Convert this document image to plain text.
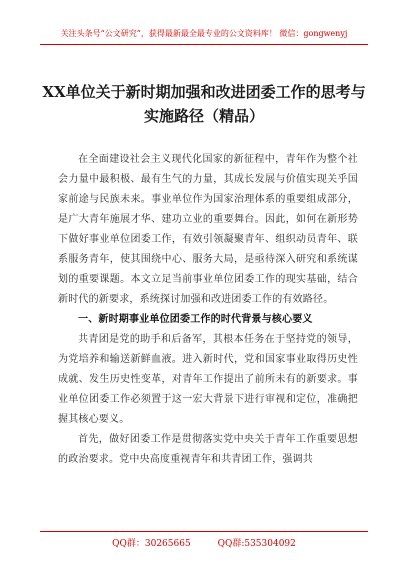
关注头条号“公文研究”，获得最新最全最专业的公文资料库！ 微信：gongwenyj
XX单位关于新时期加强和改进团委工作的思考与实施路径（精品）

在全面建设社会主义现代化国家的新征程中，青年作为整个社会力量中最积极、最有生气的力量，其成长发展与价值实现关乎国家前途与民族未来。事业单位作为国家治理体系的重要组成部分，是广大青年施展才华、建功立业的重要舞台。因此，如何在新形势下做好事业单位团委工作，有效引领凝聚青年、组织动员青年、联系服务青年，使其围绕中心、服务大局，是亟待深入研究和系统谋划的重要课题。本文立足当前事业单位团委工作的现实基础，结合新时代的新要求，系统探讨加强和改进团委工作的有效路径。

一、新时期事业单位团委工作的时代背景与核心要义

共青团是党的助手和后备军，其根本任务在于坚持党的领导，为党培养和输送新鲜血液。进入新时代，党和国家事业取得历史性成就、发生历史性变革，对青年工作提出了前所未有的新要求。事业单位团委工作必须置于这一宏大背景下进行审视和定位，准确把握其核心要义。

首先，做好团委工作是贯彻落实党中央关于青年工作重要思想的政治要求。党中央高度重视青年和共青团工作，强调共

QQ群：30265665	QQ群:535304092
